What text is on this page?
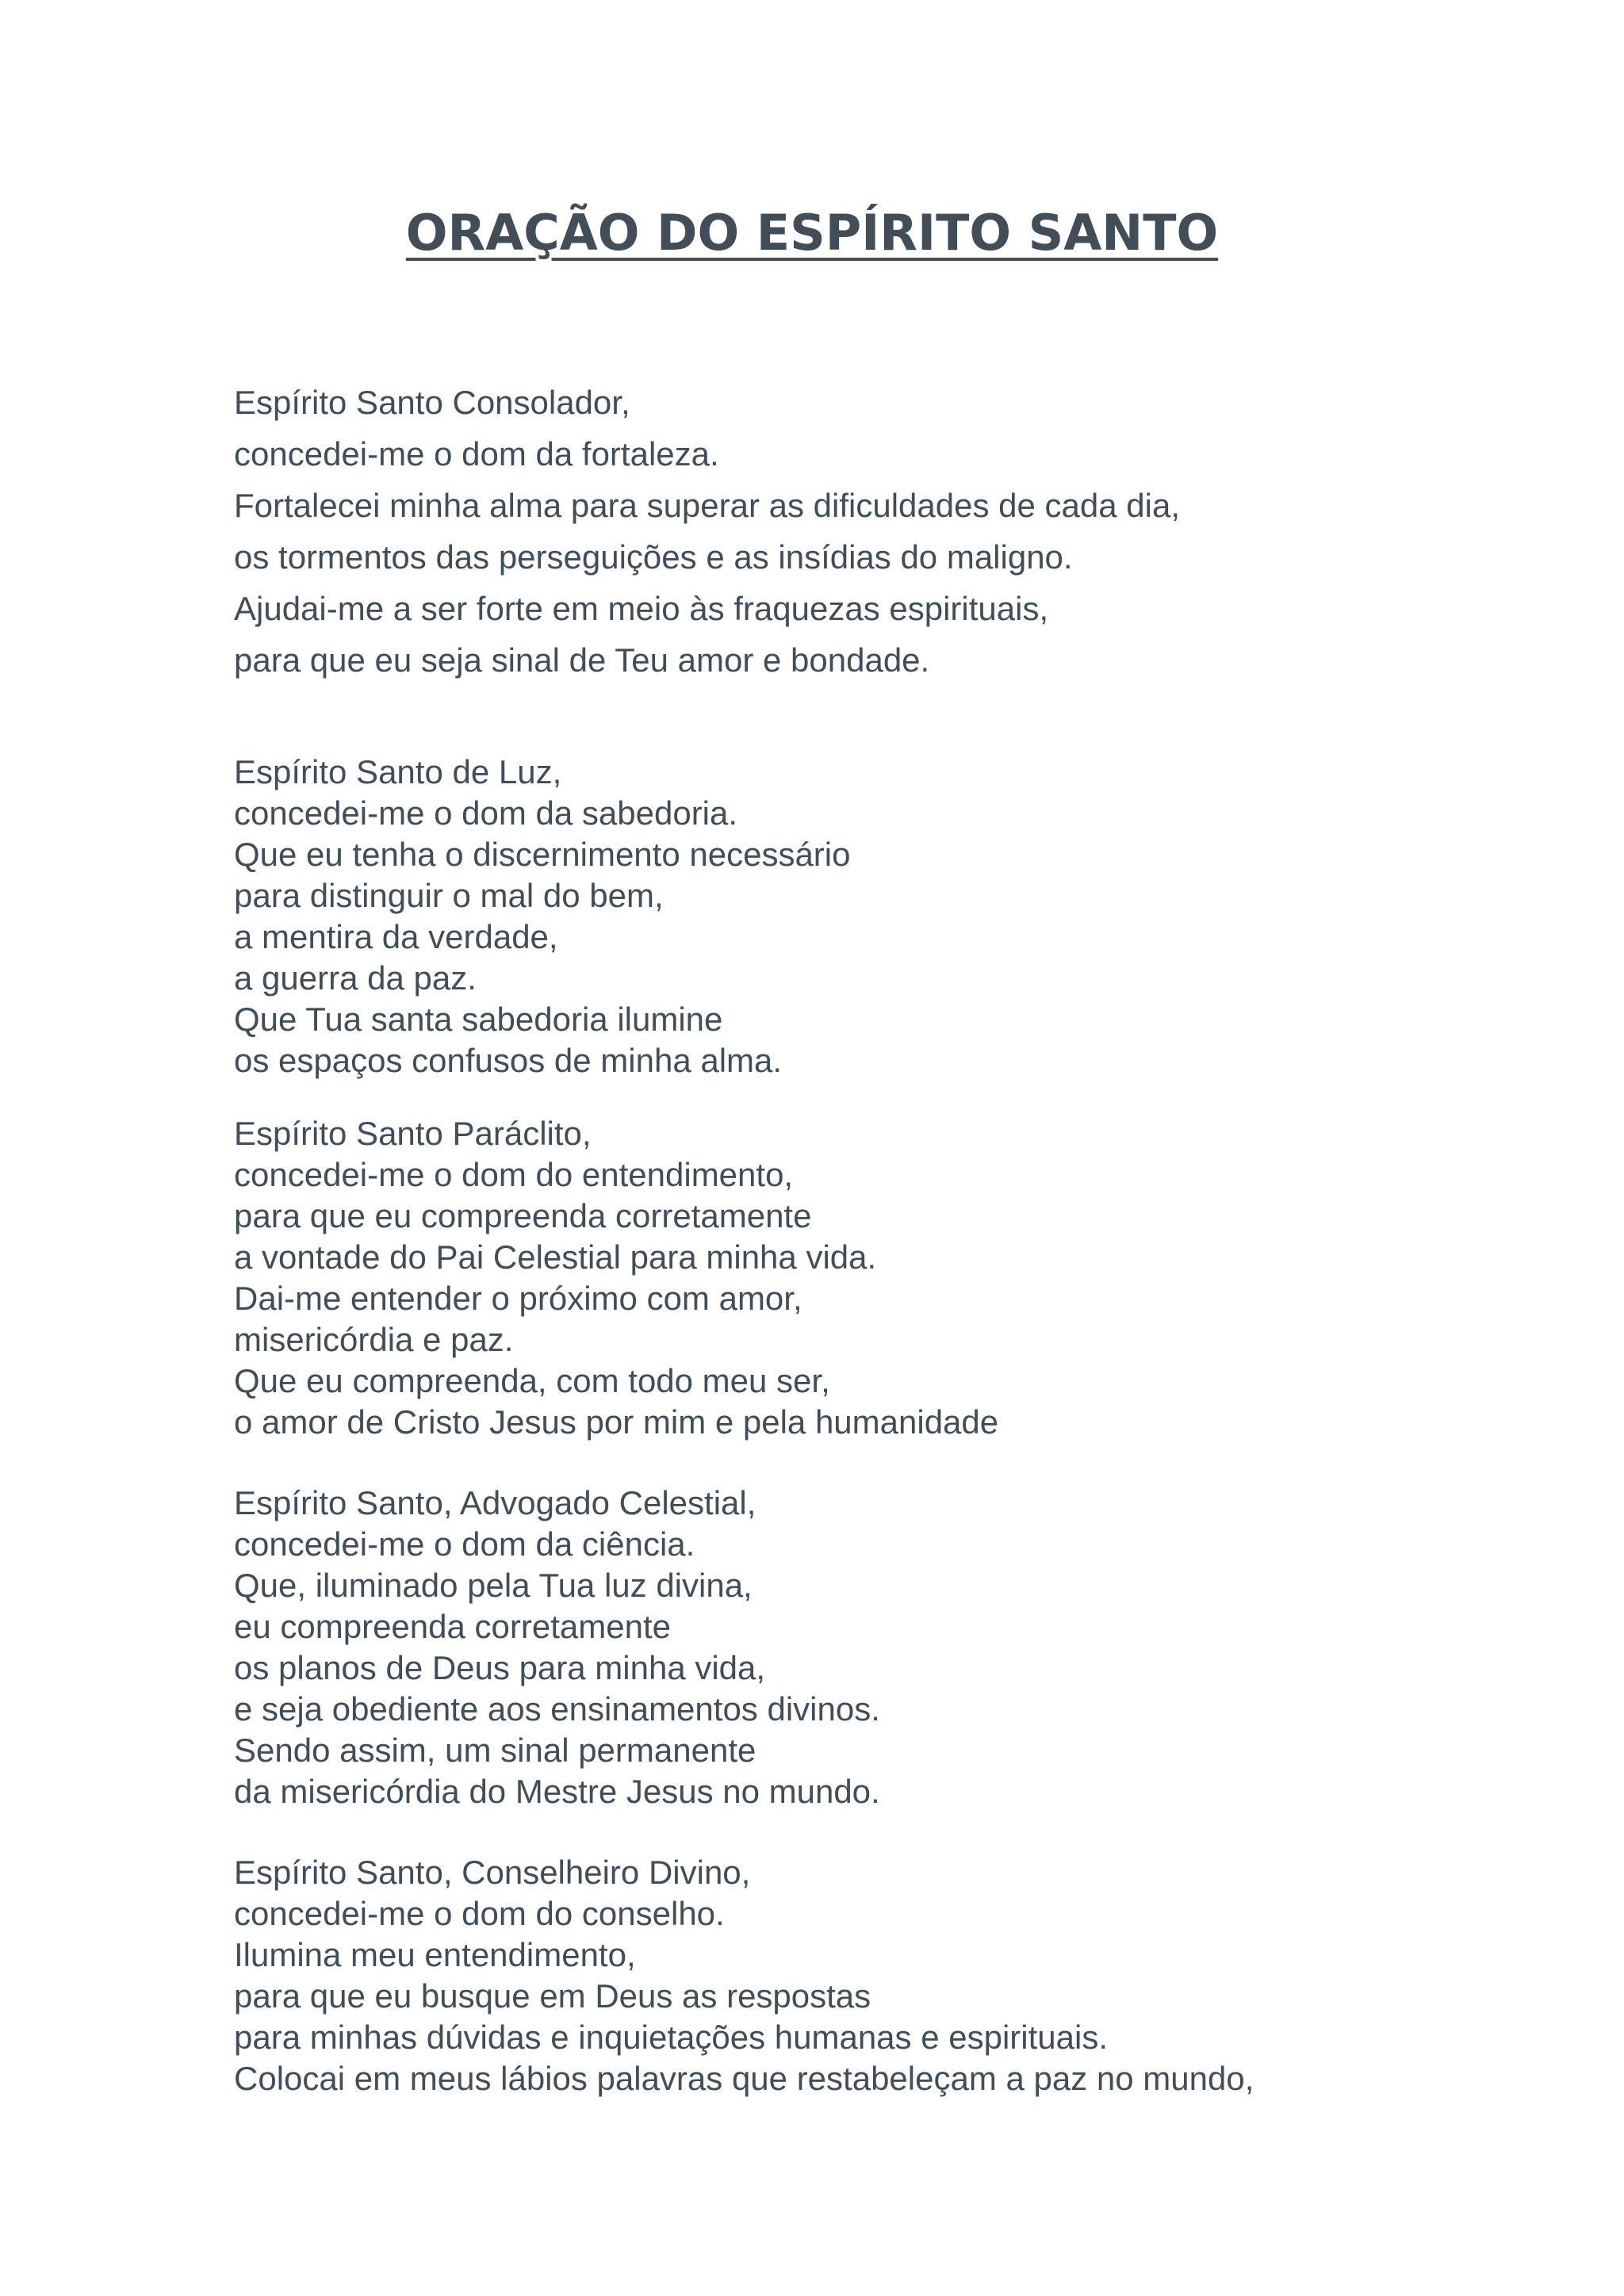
ORAÇÃO DO ESPÍRITO SANTO
Espírito Santo Consolador,
concedei-me o dom da fortaleza.
Fortalecei minha alma para superar as dificuldades de cada dia,
os tormentos das perseguições e as insídias do maligno.
Ajudai-me a ser forte em meio às fraquezas espirituais,
para que eu seja sinal de Teu amor e bondade.
Espírito Santo de Luz,
concedei-me o dom da sabedoria.
Que eu tenha o discernimento necessário
para distinguir o mal do bem,
a mentira da verdade,
a guerra da paz.
Que Tua santa sabedoria ilumine
os espaços confusos de minha alma.
Espírito Santo Paráclito,
concedei-me o dom do entendimento,
para que eu compreenda corretamente
a vontade do Pai Celestial para minha vida.
Dai-me entender o próximo com amor,
misericórdia e paz.
Que eu compreenda, com todo meu ser,
o amor de Cristo Jesus por mim e pela humanidade
Espírito Santo, Advogado Celestial,
concedei-me o dom da ciência.
Que, iluminado pela Tua luz divina,
eu compreenda corretamente
os planos de Deus para minha vida,
e seja obediente aos ensinamentos divinos.
Sendo assim, um sinal permanente
da misericórdia do Mestre Jesus no mundo.
Espírito Santo, Conselheiro Divino,
concedei-me o dom do conselho.
Ilumina meu entendimento,
para que eu busque em Deus as respostas
para minhas dúvidas e inquietações humanas e espirituais.
Colocai em meus lábios palavras que restabeleçam a paz no mundo,
